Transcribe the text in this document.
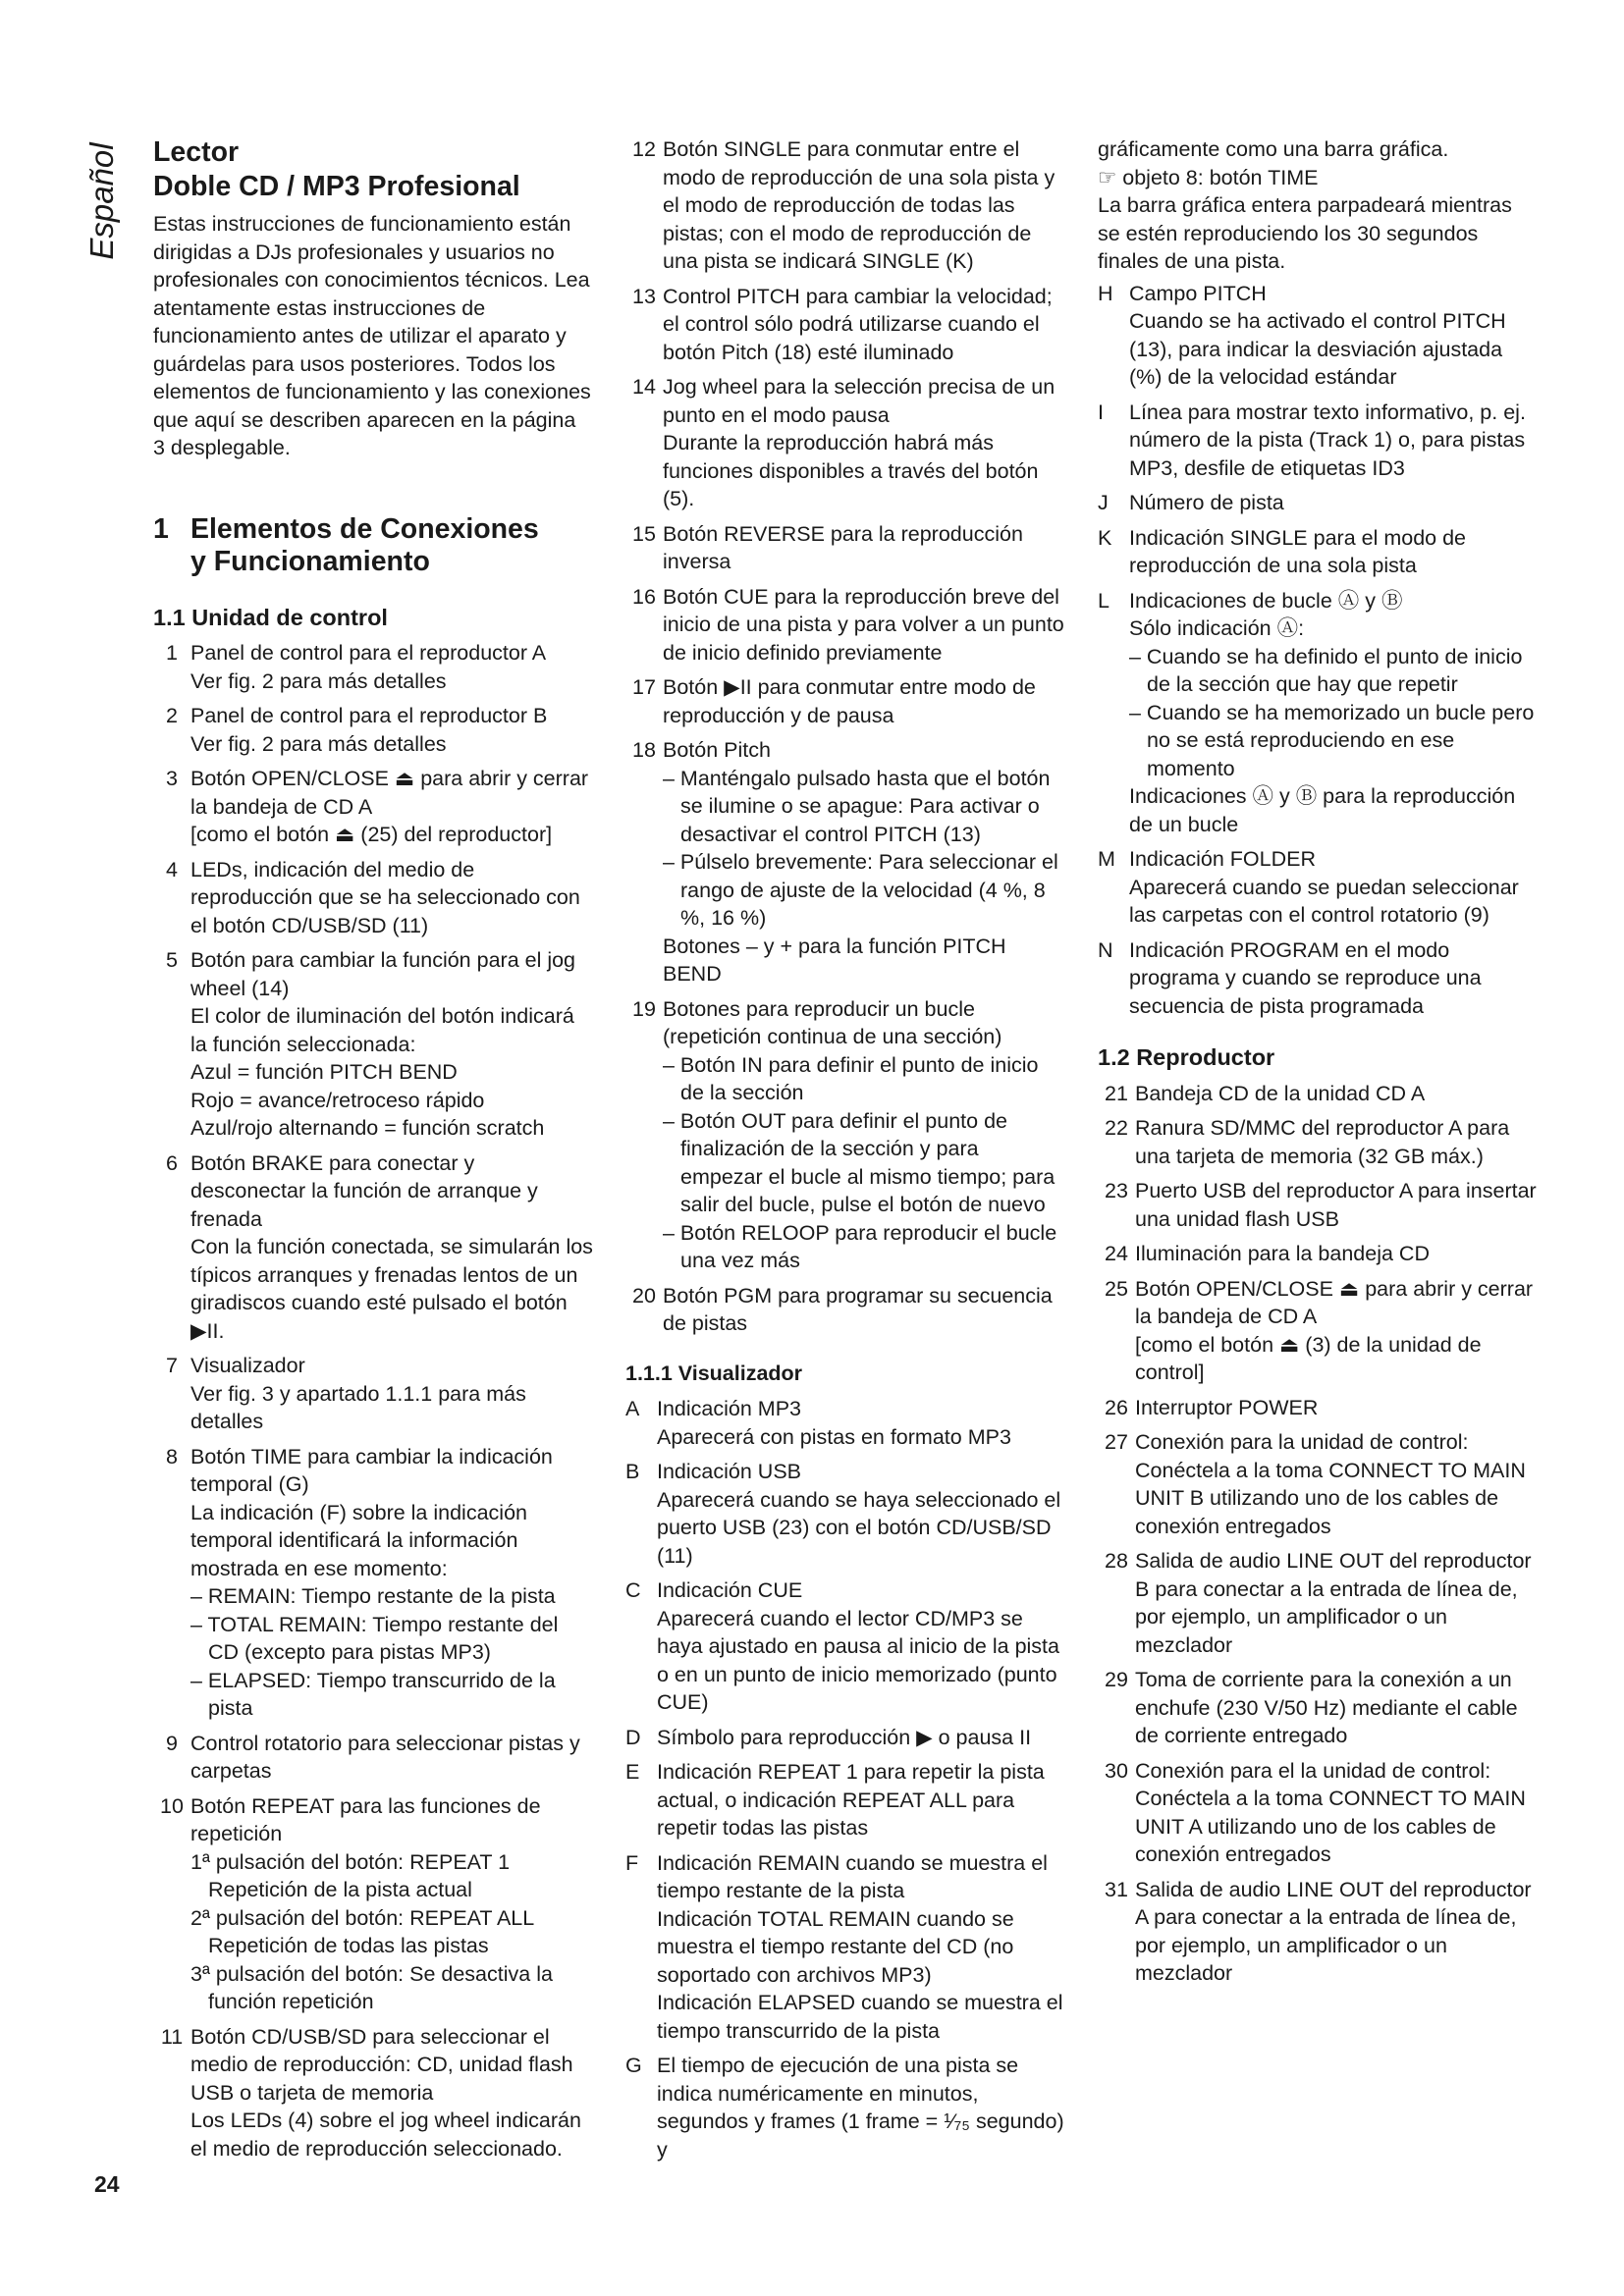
Español Lector
Doble CD / MP3 Profesional
Estas instrucciones de funcionamiento están dirigidas a DJs profesionales y usuarios no profesionales con conocimientos técnicos. Lea atentamente estas instrucciones de funcionamiento antes de utilizar el aparato y guárdelas para usos posteriores. Todos los elementos de funcionamiento y las conexiones que aquí se describen aparecen en la página 3 desplegable.
1 Elementos de Conexiones
y Funcionamiento
1.1 Unidad de control
1 Panel de control para el reproductor A
Ver fig. 2 para más detalles
2 Panel de control para el reproductor B
Ver fig. 2 para más detalles
3 Botón OPEN/CLOSE ⏏ para abrir y cerrar la bandeja de CD A
[como el botón ⏏ (25) del reproductor]
4 LEDs, indicación del medio de reproducción que se ha seleccionado con el botón CD/USB/SD (11)
5 Botón para cambiar la función para el jog wheel (14)
El color de iluminación del botón indicará la función seleccionada:
Azul = función PITCH BEND
Rojo = avance/retroceso rápido
Azul/rojo alternando = función scratch
6 Botón BRAKE para conectar y desconectar la función de arranque y frenada
Con la función conectada, se simularán los típicos arranques y frenadas lentos de un giradiscos cuando esté pulsado el botón ▶II.
7 Visualizador
Ver fig. 3 y apartado 1.1.1 para más detalles
8 Botón TIME para cambiar la indicación temporal (G)
La indicación (F) sobre la indicación temporal identificará la información mostrada en ese momento:
– REMAIN: Tiempo restante de la pista
– TOTAL REMAIN: Tiempo restante del CD (excepto para pistas MP3)
– ELAPSED: Tiempo transcurrido de la pista
9 Control rotatorio para seleccionar pistas y carpetas
10 Botón REPEAT para las funciones de repetición
1ª pulsación del botón: REPEAT 1 Repetición de la pista actual
2ª pulsación del botón: REPEAT ALL Repetición de todas las pistas
3ª pulsación del botón: Se desactiva la función repetición
11 Botón CD/USB/SD para seleccionar el medio de reproducción: CD, unidad flash USB o tarjeta de memoria
Los LEDs (4) sobre el jog wheel indicarán el medio de reproducción seleccionado.
12 Botón SINGLE para conmutar entre el modo de reproducción de una sola pista y el modo de reproducción de todas las pistas; con el modo de reproducción de una pista se indicará SINGLE (K)
13 Control PITCH para cambiar la velocidad; el control sólo podrá utilizarse cuando el botón Pitch (18) esté iluminado
14 Jog wheel para la selección precisa de un punto en el modo pausa
Durante la reproducción habrá más funciones disponibles a través del botón (5).
15 Botón REVERSE para la reproducción inversa
16 Botón CUE para la reproducción breve del inicio de una pista y para volver a un punto de inicio definido previamente
17 Botón ▶II para conmutar entre modo de reproducción y de pausa
18 Botón Pitch
– Manténgalo pulsado hasta que el botón se ilumine o se apague: Para activar o desactivar el control PITCH (13)
– Púlselo brevemente: Para seleccionar el rango de ajuste de la velocidad (4 %, 8 %, 16 %)
Botones – y + para la función PITCH BEND
19 Botones para reproducir un bucle (repetición continua de una sección)
– Botón IN para definir el punto de inicio de la sección
– Botón OUT para definir el punto de finalización de la sección y para empezar el bucle al mismo tiempo; para salir del bucle, pulse el botón de nuevo
– Botón RELOOP para reproducir el bucle una vez más
20 Botón PGM para programar su secuencia de pistas
1.1.1 Visualizador
A Indicación MP3
Aparecerá con pistas en formato MP3
B Indicación USB
Aparecerá cuando se haya seleccionado el puerto USB (23) con el botón CD/USB/SD (11)
C Indicación CUE
Aparecerá cuando el lector CD/MP3 se haya ajustado en pausa al inicio de la pista o en un punto de inicio memorizado (punto CUE)
D Símbolo para reproducción ▶ o pausa II
E Indicación REPEAT 1 para repetir la pista actual, o indicación REPEAT ALL para repetir todas las pistas
F Indicación REMAIN cuando se muestra el tiempo restante de la pista
Indicación TOTAL REMAIN cuando se muestra el tiempo restante del CD (no soportado con archivos MP3)
Indicación ELAPSED cuando se muestra el tiempo transcurrido de la pista
G El tiempo de ejecución de una pista se indica numéricamente en minutos, segundos y frames (1 frame = ¹⁄₇₅ segundo) y
gráficamente como una barra gráfica.
☞ objeto 8: botón TIME
La barra gráfica entera parpadeará mientras se estén reproduciendo los 30 segundos finales de una pista.
H Campo PITCH
Cuando se ha activado el control PITCH (13), para indicar la desviación ajustada (%) de la velocidad estándar
I	Línea para mostrar texto informativo, p. ej. número de la pista (Track 1) o, para pistas MP3, desfile de etiquetas ID3
J Número de pista
K Indicación SINGLE para el modo de reproducción de una sola pista
L Indicaciones de bucle Ⓐ y Ⓑ
Sólo indicación Ⓐ:
– Cuando se ha definido el punto de inicio de la sección que hay que repetir
– Cuando se ha memorizado un bucle pero no se está reproduciendo en ese momento
Indicaciones Ⓐ y Ⓑ para la reproducción de un bucle
M Indicación FOLDER
Aparecerá cuando se puedan seleccionar las carpetas con el control rotatorio (9)
N Indicación PROGRAM en el modo programa y cuando se reproduce una secuencia de pista programada
1.2 Reproductor
21 Bandeja CD de la unidad CD A
22 Ranura SD/MMC del reproductor A para una tarjeta de memoria (32 GB máx.)
23 Puerto USB del reproductor A para insertar una unidad flash USB
24 Iluminación para la bandeja CD
25 Botón OPEN/CLOSE ⏏ para abrir y cerrar la bandeja de CD A
[como el botón ⏏ (3) de la unidad de control]
26 Interruptor POWER
27 Conexión para la unidad de control: Conéctela a la toma CONNECT TO MAIN UNIT B utilizando uno de los cables de conexión entregados
28 Salida de audio LINE OUT del reproductor B para conectar a la entrada de línea de, por ejemplo, un amplificador o un mezclador
29 Toma de corriente para la conexión a un enchufe (230 V/50 Hz) mediante el cable de corriente entregado
30 Conexión para el la unidad de control: Conéctela a la toma CONNECT TO MAIN UNIT A utilizando uno de los cables de conexión entregados
31 Salida de audio LINE OUT del reproductor A para conectar a la entrada de línea de, por ejemplo, un amplificador o un mezclador
24
